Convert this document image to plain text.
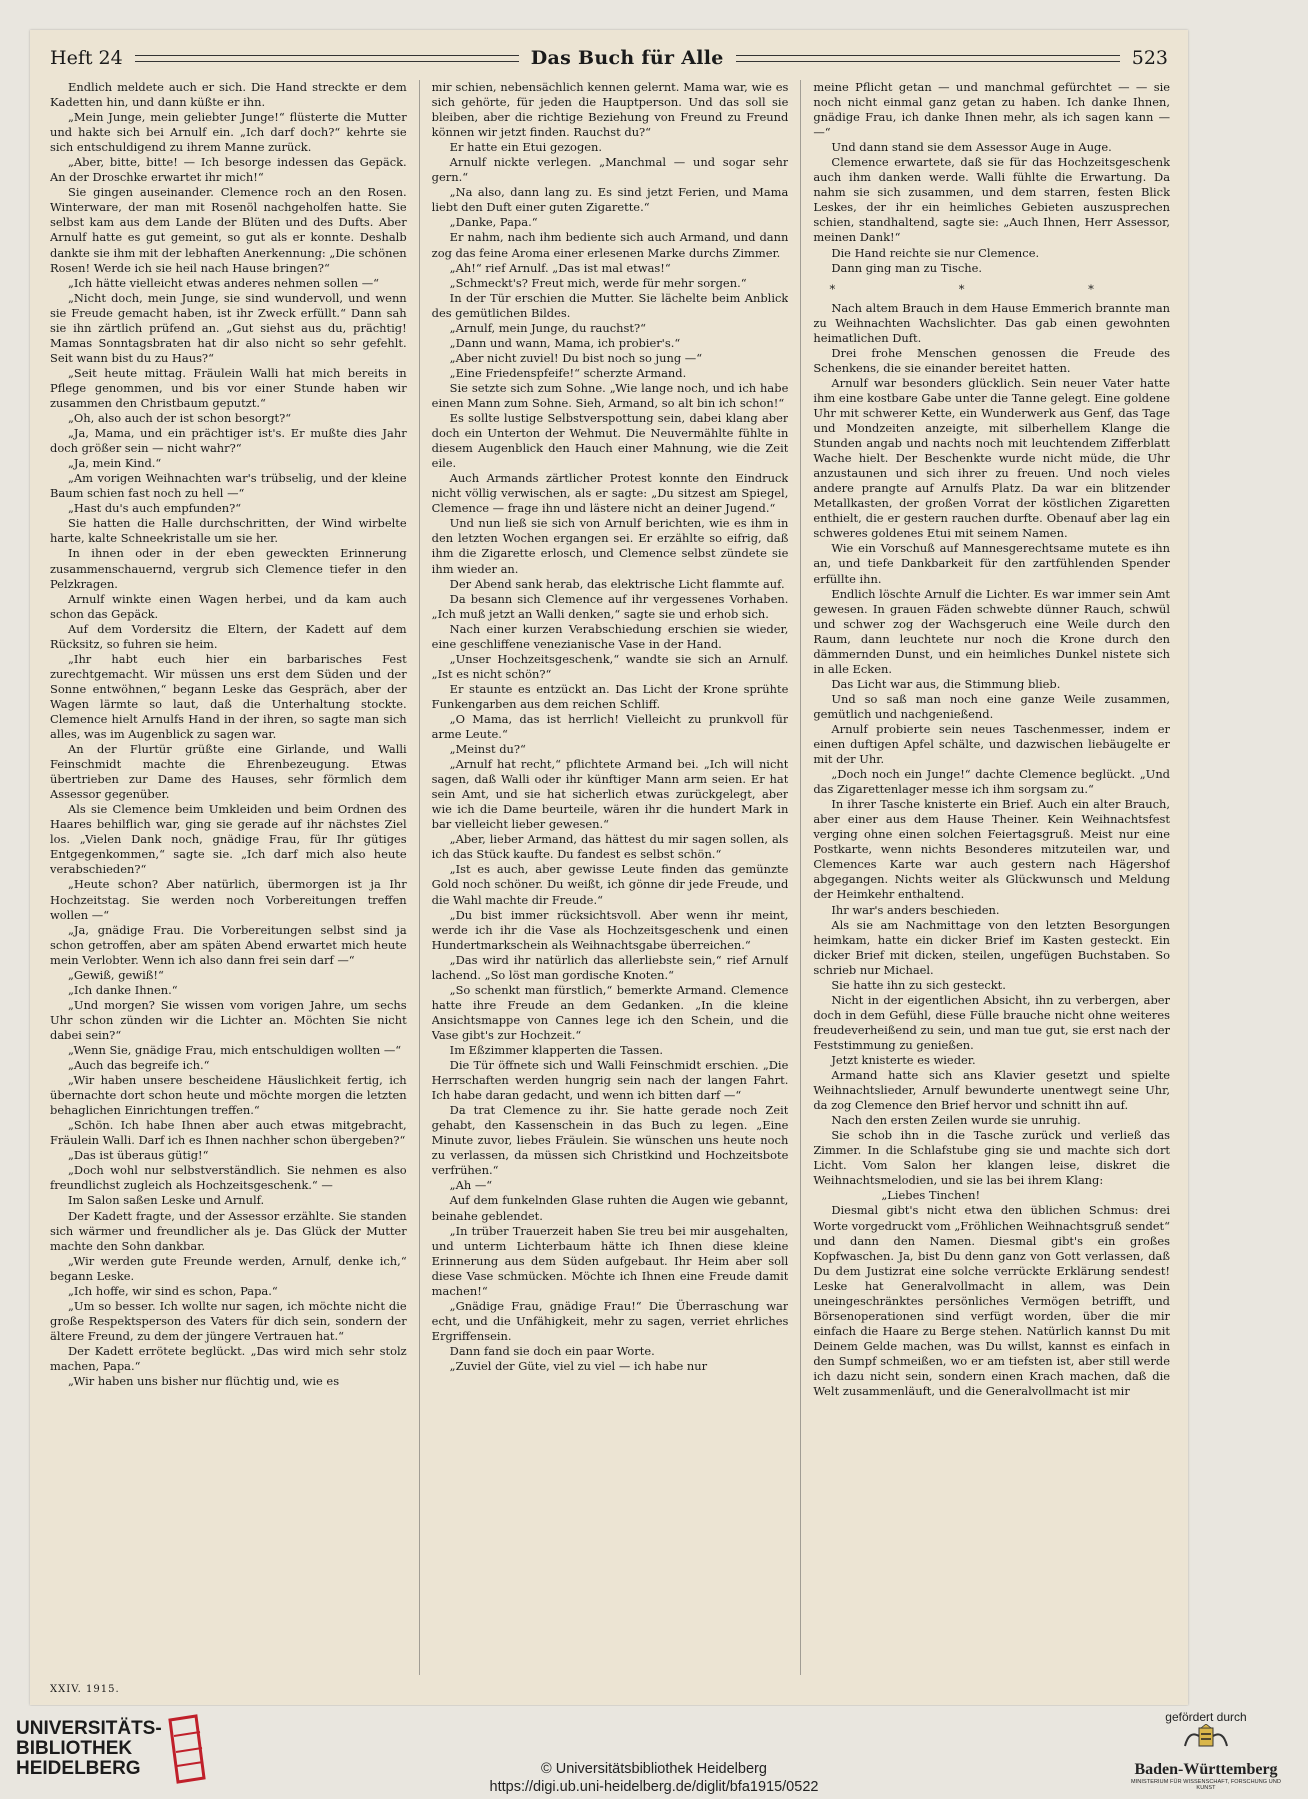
Heft 24	Das Buch für Alle	523

Endlich meldete auch er sich. Die Hand streckte er dem Kadetten hin, und dann küßte er ihn.

„Mein Junge, mein geliebter Junge!“ flüsterte die Mutter und hakte sich bei Arnulf ein. „Ich darf doch?“ kehrte sie sich entschuldigend zu ihrem Manne zurück.

„Aber, bitte, bitte! — Ich besorge indessen das Gepäck. An der Droschke erwartet ihr mich!“

Sie gingen auseinander. Clemence roch an den Rosen. Winterware, der man mit Rosenöl nachgeholfen hatte. Sie selbst kam aus dem Lande der Blüten und des Dufts. Aber Arnulf hatte es gut gemeint, so gut als er konnte. Deshalb dankte sie ihm mit der lebhaften Anerkennung: „Die schönen Rosen! Werde ich sie heil nach Hause bringen?“

„Ich hätte vielleicht etwas anderes nehmen sollen —“

„Nicht doch, mein Junge, sie sind wundervoll, und wenn sie Freude gemacht haben, ist ihr Zweck erfüllt.“ Dann sah sie ihn zärtlich prüfend an. „Gut siehst aus du, prächtig! Mamas Sonntagsbraten hat dir also nicht so sehr gefehlt. Seit wann bist du zu Haus?“

„Seit heute mittag. Fräulein Walli hat mich bereits in Pflege genommen, und bis vor einer Stunde haben wir zusammen den Christbaum geputzt.“

„Oh, also auch der ist schon besorgt?“

„Ja, Mama, und ein prächtiger ist's. Er mußte dies Jahr doch größer sein — nicht wahr?“

„Ja, mein Kind.“

„Am vorigen Weihnachten war's trübselig, und der kleine Baum schien fast noch zu hell —“

„Hast du's auch empfunden?“

Sie hatten die Halle durchschritten, der Wind wirbelte harte, kalte Schneekristalle um sie her.

In ihnen oder in der eben geweckten Erinnerung zusammenschauernd, vergrub sich Clemence tiefer in den Pelzkragen.

Arnulf winkte einen Wagen herbei, und da kam auch schon das Gepäck.

Auf dem Vordersitz die Eltern, der Kadett auf dem Rücksitz, so fuhren sie heim.

„Ihr habt euch hier ein barbarisches Fest zurechtgemacht. Wir müssen uns erst dem Süden und der Sonne entwöhnen,“ begann Leske das Gespräch, aber der Wagen lärmte so laut, daß die Unterhaltung stockte. Clemence hielt Arnulfs Hand in der ihren, so sagte man sich alles, was im Augenblick zu sagen war.

An der Flurtür grüßte eine Girlande, und Walli Feinschmidt machte die Ehrenbezeugung. Etwas übertrieben zur Dame des Hauses, sehr förmlich dem Assessor gegenüber.

Als sie Clemence beim Umkleiden und beim Ordnen des Haares behilflich war, ging sie gerade auf ihr nächstes Ziel los. „Vielen Dank noch, gnädige Frau, für Ihr gütiges Entgegenkommen,“ sagte sie. „Ich darf mich also heute verabschieden?“

„Heute schon? Aber natürlich, übermorgen ist ja Ihr Hochzeitstag. Sie werden noch Vorbereitungen treffen wollen —“

„Ja, gnädige Frau. Die Vorbereitungen selbst sind ja schon getroffen, aber am späten Abend erwartet mich heute mein Verlobter. Wenn ich also dann frei sein darf —“

„Gewiß, gewiß!“

„Ich danke Ihnen.“

„Und morgen? Sie wissen vom vorigen Jahre, um sechs Uhr schon zünden wir die Lichter an. Möchten Sie nicht dabei sein?“

„Wenn Sie, gnädige Frau, mich entschuldigen wollten —“

„Auch das begreife ich.“

„Wir haben unsere bescheidene Häuslichkeit fertig, ich übernachte dort schon heute und möchte morgen die letzten behaglichen Einrichtungen treffen.“

„Schön. Ich habe Ihnen aber auch etwas mitgebracht, Fräulein Walli. Darf ich es Ihnen nachher schon übergeben?“

„Das ist überaus gütig!“

„Doch wohl nur selbstverständlich. Sie nehmen es also freundlichst zugleich als Hochzeitsgeschenk.“ —

Im Salon saßen Leske und Arnulf.

Der Kadett fragte, und der Assessor erzählte. Sie standen sich wärmer und freundlicher als je. Das Glück der Mutter machte den Sohn dankbar.

„Wir werden gute Freunde werden, Arnulf, denke ich,“ begann Leske.

„Ich hoffe, wir sind es schon, Papa.“

„Um so besser. Ich wollte nur sagen, ich möchte nicht die große Respektsperson des Vaters für dich sein, sondern der ältere Freund, zu dem der jüngere Vertrauen hat.“

Der Kadett errötete beglückt. „Das wird mich sehr stolz machen, Papa.“

„Wir haben uns bisher nur flüchtig und, wie es

mir schien, nebensächlich kennen gelernt. Mama war, wie es sich gehörte, für jeden die Hauptperson. Und das soll sie bleiben, aber die richtige Beziehung von Freund zu Freund können wir jetzt finden. Rauchst du?“

Er hatte ein Etui gezogen.

Arnulf nickte verlegen. „Manchmal — und sogar sehr gern.“

„Na also, dann lang zu. Es sind jetzt Ferien, und Mama liebt den Duft einer guten Zigarette.“

„Danke, Papa.“

Er nahm, nach ihm bediente sich auch Armand, und dann zog das feine Aroma einer erlesenen Marke durchs Zimmer.

„Ah!“ rief Arnulf. „Das ist mal etwas!“

„Schmeckt's? Freut mich, werde für mehr sorgen.“

In der Tür erschien die Mutter. Sie lächelte beim Anblick des gemütlichen Bildes.

„Arnulf, mein Junge, du rauchst?“

„Dann und wann, Mama, ich probier's.“

„Aber nicht zuviel! Du bist noch so jung —“

„Eine Friedenspfeife!“ scherzte Armand.

Sie setzte sich zum Sohne. „Wie lange noch, und ich habe einen Mann zum Sohne. Sieh, Armand, so alt bin ich schon!“

Es sollte lustige Selbstverspottung sein, dabei klang aber doch ein Unterton der Wehmut. Die Neuvermählte fühlte in diesem Augenblick den Hauch einer Mahnung, wie die Zeit eile.

Auch Armands zärtlicher Protest konnte den Eindruck nicht völlig verwischen, als er sagte: „Du sitzest am Spiegel, Clemence — frage ihn und lästere nicht an deiner Jugend.“

Und nun ließ sie sich von Arnulf berichten, wie es ihm in den letzten Wochen ergangen sei. Er erzählte so eifrig, daß ihm die Zigarette erlosch, und Clemence selbst zündete sie ihm wieder an.

Der Abend sank herab, das elektrische Licht flammte auf.

Da besann sich Clemence auf ihr vergessenes Vorhaben. „Ich muß jetzt an Walli denken,“ sagte sie und erhob sich.

Nach einer kurzen Verabschiedung erschien sie wieder, eine geschliffene venezianische Vase in der Hand.

„Unser Hochzeitsgeschenk,“ wandte sie sich an Arnulf. „Ist es nicht schön?“

Er staunte es entzückt an. Das Licht der Krone sprühte Funkengarben aus dem reichen Schliff.

„O Mama, das ist herrlich! Vielleicht zu prunkvoll für arme Leute.“

„Meinst du?“

„Arnulf hat recht,“ pflichtete Armand bei. „Ich will nicht sagen, daß Walli oder ihr künftiger Mann arm seien. Er hat sein Amt, und sie hat sicherlich etwas zurückgelegt, aber wie ich die Dame beurteile, wären ihr die hundert Mark in bar vielleicht lieber gewesen.“

„Aber, lieber Armand, das hättest du mir sagen sollen, als ich das Stück kaufte. Du fandest es selbst schön.“

„Ist es auch, aber gewisse Leute finden das gemünzte Gold noch schöner. Du weißt, ich gönne dir jede Freude, und die Wahl machte dir Freude.“

„Du bist immer rücksichtsvoll. Aber wenn ihr meint, werde ich ihr die Vase als Hochzeitsgeschenk und einen Hundertmarkschein als Weihnachtsgabe überreichen.“

„Das wird ihr natürlich das allerliebste sein,“ rief Arnulf lachend. „So löst man gordische Knoten.“

„So schenkt man fürstlich,“ bemerkte Armand. Clemence hatte ihre Freude an dem Gedanken. „In die kleine Ansichtsmappe von Cannes lege ich den Schein, und die Vase gibt's zur Hochzeit.“

Im Eßzimmer klapperten die Tassen.

Die Tür öffnete sich und Walli Feinschmidt erschien. „Die Herrschaften werden hungrig sein nach der langen Fahrt. Ich habe daran gedacht, und wenn ich bitten darf —“

Da trat Clemence zu ihr. Sie hatte gerade noch Zeit gehabt, den Kassenschein in das Buch zu legen. „Eine Minute zuvor, liebes Fräulein. Sie wünschen uns heute noch zu verlassen, da müssen sich Christkind und Hochzeitsbote verfrühen.“

„Ah —“

Auf dem funkelnden Glase ruhten die Augen wie gebannt, beinahe geblendet.

„In trüber Trauerzeit haben Sie treu bei mir ausgehalten, und unterm Lichterbaum hätte ich Ihnen diese kleine Erinnerung aus dem Süden aufgebaut. Ihr Heim aber soll diese Vase schmücken. Möchte ich Ihnen eine Freude damit machen!“

„Gnädige Frau, gnädige Frau!“ Die Überraschung war echt, und die Unfähigkeit, mehr zu sagen, verriet ehrliches Ergriffensein.

Dann fand sie doch ein paar Worte.

„Zuviel der Güte, viel zu viel — ich habe nur

meine Pflicht getan — und manchmal gefürchtet — — sie noch nicht einmal ganz getan zu haben. Ich danke Ihnen, gnädige Frau, ich danke Ihnen mehr, als ich sagen kann — —“

Und dann stand sie dem Assessor Auge in Auge.

Clemence erwartete, daß sie für das Hochzeitsgeschenk auch ihm danken werde. Walli fühlte die Erwartung. Da nahm sie sich zusammen, und dem starren, festen Blick Leskes, der ihr ein heimliches Gebieten auszusprechen schien, standhaltend, sagte sie: „Auch Ihnen, Herr Assessor, meinen Dank!“

Die Hand reichte sie nur Clemence.

Dann ging man zu Tische.

* * *

Nach altem Brauch in dem Hause Emmerich brannte man zu Weihnachten Wachslichter. Das gab einen gewohnten heimatlichen Duft.

Drei frohe Menschen genossen die Freude des Schenkens, die sie einander bereitet hatten.

Arnulf war besonders glücklich. Sein neuer Vater hatte ihm eine kostbare Gabe unter die Tanne gelegt. Eine goldene Uhr mit schwerer Kette, ein Wunderwerk aus Genf, das Tage und Mondzeiten anzeigte, mit silberhellem Klange die Stunden angab und nachts noch mit leuchtendem Zifferblatt Wache hielt. Der Beschenkte wurde nicht müde, die Uhr anzustaunen und sich ihrer zu freuen. Und noch vieles andere prangte auf Arnulfs Platz. Da war ein blitzender Metallkasten, der großen Vorrat der köstlichen Zigaretten enthielt, die er gestern rauchen durfte. Obenauf aber lag ein schweres goldenes Etui mit seinem Namen.

Wie ein Vorschuß auf Mannesgerechtsame mutete es ihn an, und tiefe Dankbarkeit für den zartfühlenden Spender erfüllte ihn.

Endlich löschte Arnulf die Lichter. Es war immer sein Amt gewesen. In grauen Fäden schwebte dünner Rauch, schwül und schwer zog der Wachsgeruch eine Weile durch den Raum, dann leuchtete nur noch die Krone durch den dämmernden Dunst, und ein heimliches Dunkel nistete sich in alle Ecken.

Das Licht war aus, die Stimmung blieb.

Und so saß man noch eine ganze Weile zusammen, gemütlich und nachgenießend.

Arnulf probierte sein neues Taschenmesser, indem er einen duftigen Apfel schälte, und dazwischen liebäugelte er mit der Uhr.

„Doch noch ein Junge!“ dachte Clemence beglückt. „Und das Zigarettenlager messe ich ihm sorgsam zu.“

In ihrer Tasche knisterte ein Brief. Auch ein alter Brauch, aber einer aus dem Hause Theiner. Kein Weihnachtsfest verging ohne einen solchen Feiertagsgruß. Meist nur eine Postkarte, wenn nichts Besonderes mitzuteilen war, und Clemences Karte war auch gestern nach Hägershof abgegangen. Nichts weiter als Glückwunsch und Meldung der Heimkehr enthaltend.

Ihr war's anders beschieden.

Als sie am Nachmittage von den letzten Besorgungen heimkam, hatte ein dicker Brief im Kasten gesteckt. Ein dicker Brief mit dicken, steilen, ungefügen Buchstaben. So schrieb nur Michael.

Sie hatte ihn zu sich gesteckt.

Nicht in der eigentlichen Absicht, ihn zu verbergen, aber doch in dem Gefühl, diese Fülle brauche nicht ohne weiteres freudeverheißend zu sein, und man tue gut, sie erst nach der Feststimmung zu genießen.

Jetzt knisterte es wieder.

Armand hatte sich ans Klavier gesetzt und spielte Weihnachtslieder, Arnulf bewunderte unentwegt seine Uhr, da zog Clemence den Brief hervor und schnitt ihn auf.

Nach den ersten Zeilen wurde sie unruhig.

Sie schob ihn in die Tasche zurück und verließ das Zimmer. In die Schlafstube ging sie und machte sich dort Licht. Vom Salon her klangen leise, diskret die Weihnachtsmelodien, und sie las bei ihrem Klang:

„Liebes Tinchen!

Diesmal gibt's nicht etwa den üblichen Schmus: drei Worte vorgedruckt vom „Fröhlichen Weihnachtsgruß sendet“ und dann den Namen. Diesmal gibt's ein großes Kopfwaschen. Ja, bist Du denn ganz von Gott verlassen, daß Du dem Justizrat eine solche verrückte Erklärung sendest! Leske hat Generalvollmacht in allem, was Dein uneingeschränktes persönliches Vermögen betrifft, und Börsenoperationen sind verfügt worden, über die mir einfach die Haare zu Berge stehen. Natürlich kannst Du mit Deinem Gelde machen, was Du willst, kannst es einfach in den Sumpf schmeißen, wo er am tiefsten ist, aber still werde ich dazu nicht sein, sondern einen Krach machen, daß die Welt zusammenläuft, und die Generalvollmacht ist mir

XXIV. 1915.
UNIVERSITÄTS-
BIBLIOTHEK
HEIDELBERG	© Universitätsbibliothek Heidelberg
https://digi.ub.uni-heidelberg.de/diglit/bfa1915/0522
gefördert durch
Baden-Württemberg
MINISTERIUM FÜR WISSENSCHAFT, FORSCHUNG UND KUNST
